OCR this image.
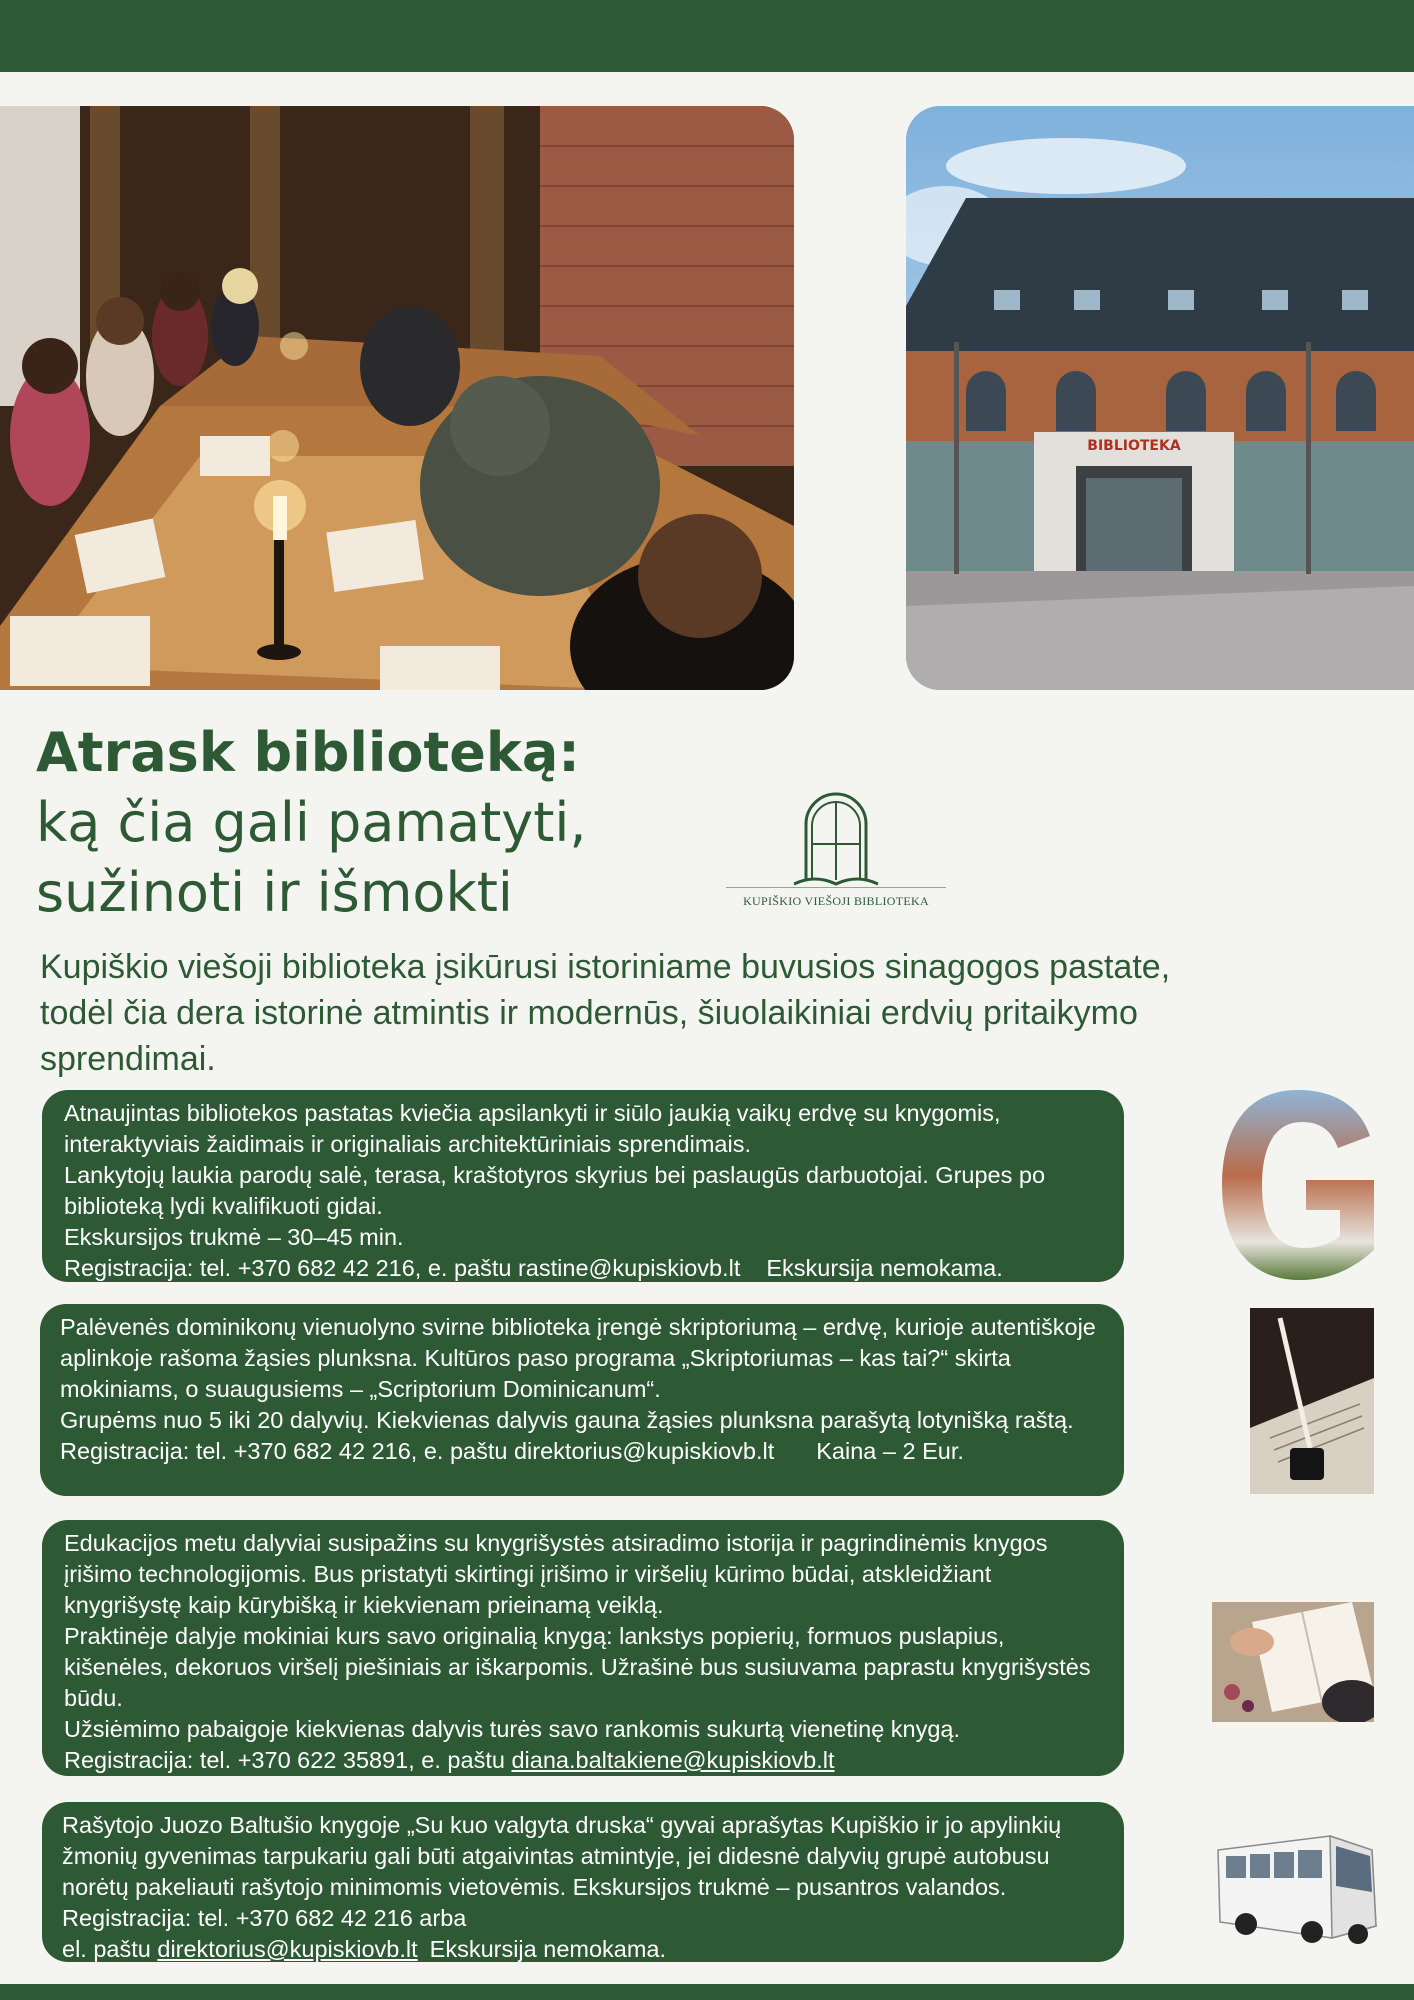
BIBLIOTEKA
Atrask biblioteką:
ką čia gali pamatyti,
sužinoti ir išmokti	KUPIŠKIO VIEŠOJI BIBLIOTEKA
Kupiškio viešoji biblioteka įsikūrusi istoriniame buvusios sinagogos pastate, todėl čia dera istorinė atmintis ir modernūs, šiuolaikiniai erdvių pritaikymo sprendimai.

Atnaujintas bibliotekos pastatas kviečia apsilankyti ir siūlo jaukią vaikų erdvę su knygomis, interaktyviais žaidimais ir originaliais architektūriniais sprendimais.

Lankytojų laukia parodų salė, terasa, kraštotyros skyrius bei paslaugūs darbuotojai. Grupes po biblioteką lydi kvalifikuoti gidai.

Ekskursijos trukmė – 30–45 min.

Registracija: tel. +370 682 42 216, e. paštu rastine@kupiskiovb.lt Ekskursija nemokama.

Palėvenės dominikonų vienuolyno svirne biblioteka įrengė skriptoriumą – erdvę, kurioje autentiškoje aplinkoje rašoma žąsies plunksna. Kultūros paso programa „Skriptoriumas – kas tai?“ skirta mokiniams, o suaugusiems – „Scriptorium Dominicanum“.

Grupėms nuo 5 iki 20 dalyvių. Kiekvienas dalyvis gauna žąsies plunksna parašytą lotynišką raštą.

Registracija: tel. +370 682 42 216, e. paštu direktorius@kupiskiovb.lt Kaina – 2 Eur.

Edukacijos metu dalyviai susipažins su knygrišystės atsiradimo istorija ir pagrindinėmis knygos įrišimo technologijomis. Bus pristatyti skirtingi įrišimo ir viršelių kūrimo būdai, atskleidžiant knygrišystę kaip kūrybišką ir kiekvienam prieinamą veiklą.

Praktinėje dalyje mokiniai kurs savo originalią knygą: lankstys popierių, formuos puslapius, kišenėles, dekoruos viršelį piešiniais ar iškarpomis. Užrašinė bus susiuvama paprastu knygrišystės būdu.

Užsiėmimo pabaigoje kiekvienas dalyvis turės savo rankomis sukurtą vienetinę knygą.

Registracija: tel. +370 622 35891, e. paštu diana.baltakiene@kupiskiovb.lt

Rašytojo Juozo Baltušio knygoje „Su kuo valgyta druska“ gyvai aprašytas Kupiškio ir jo apylinkių žmonių gyvenimas tarpukariu gali būti atgaivintas atmintyje, jei didesnė dalyvių grupė autobusu norėtų pakeliauti rašytojo minimomis vietovėmis. Ekskursijos trukmė – pusantros valandos. Registracija: tel. +370 682 42 216 arba

el. paštu direktorius@kupiskiovb.lt Ekskursija nemokama.
